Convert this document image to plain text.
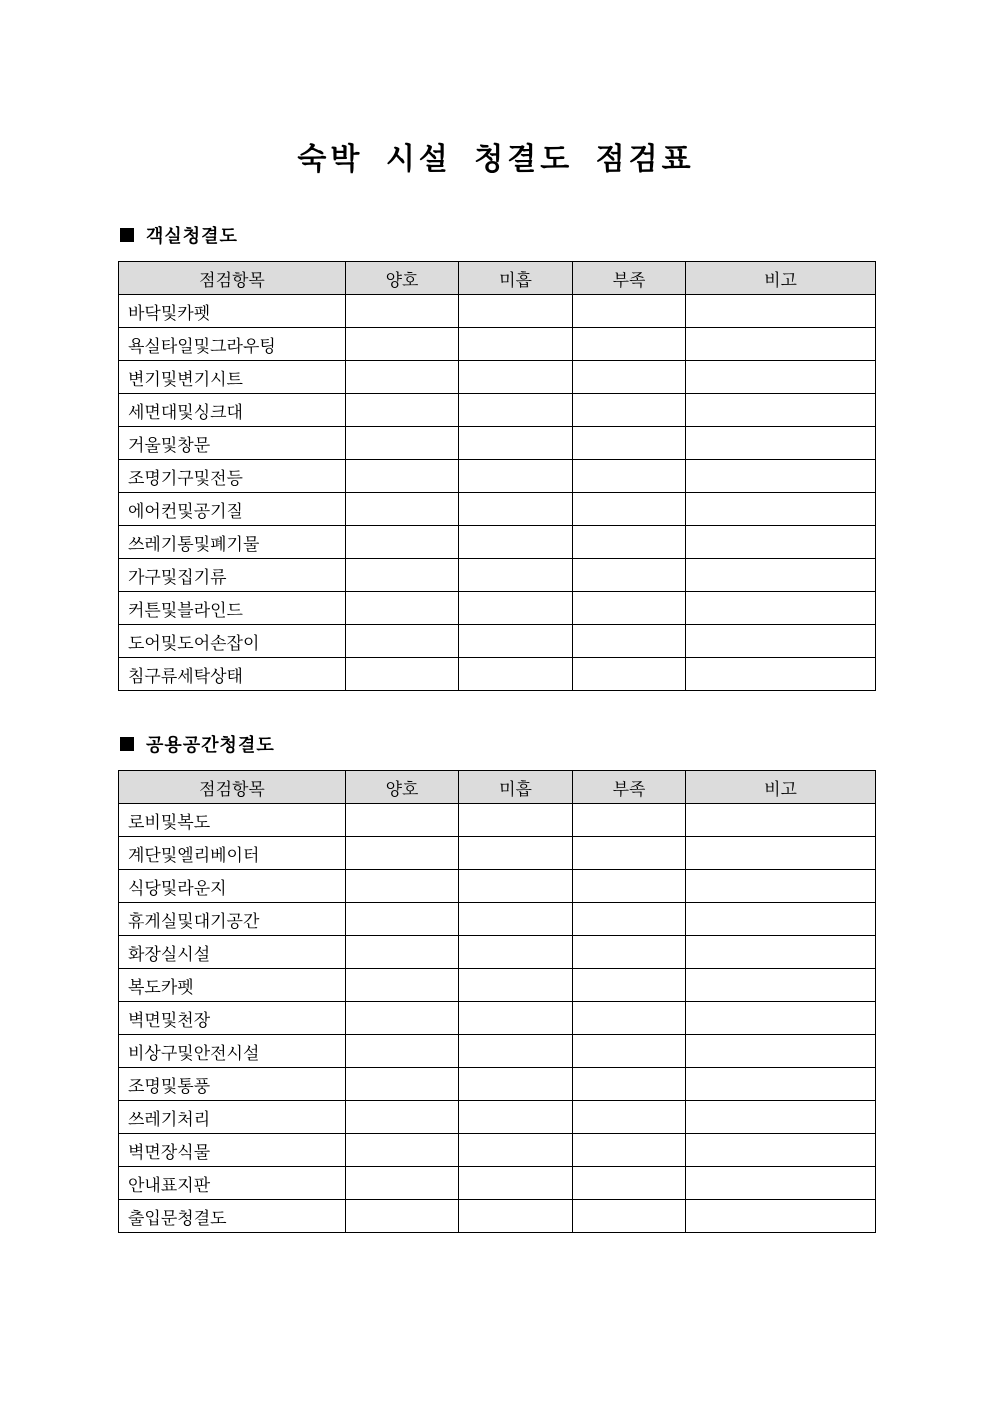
숙박 시설 청결도 점검표
객실청결도
점검항목	양호	미흡	부족	비고
바닥및카펫				
욕실타일및그라우팅				
변기및변기시트				
세면대및싱크대				
거울및창문				
조명기구및전등				
에어컨및공기질				
쓰레기통및폐기물				
가구및집기류				
커튼및블라인드				
도어및도어손잡이				
침구류세탁상태				
공용공간청결도
점검항목	양호	미흡	부족	비고
로비및복도				
계단및엘리베이터				
식당및라운지				
휴게실및대기공간				
화장실시설				
복도카펫				
벽면및천장				
비상구및안전시설				
조명및통풍				
쓰레기처리				
벽면장식물				
안내표지판				
출입문청결도				
